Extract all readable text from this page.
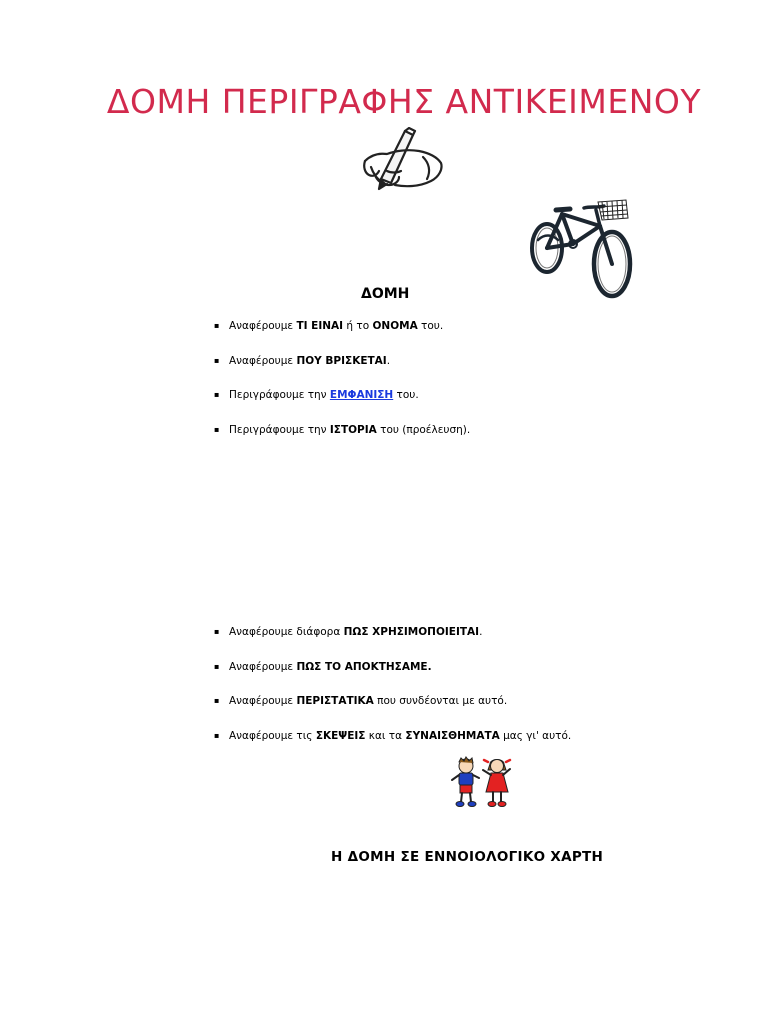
ΔΟΜΗ ΠΕΡΙΓΡΑΦΗΣ ΑΝΤΙΚΕΙΜΕΝΟΥ
ΔΟΜΗ
▪ Αναφέρουμε ΤΙ ΕΙΝΑΙ ή το ΟΝΟΜΑ του.
▪ Αναφέρουμε ΠΟΥ ΒΡΙΣΚΕΤΑΙ.
▪ Περιγράφουμε την ΕΜΦΑΝΙΣΗ του.
▪ Περιγράφουμε την ΙΣΤΟΡΙΑ του (προέλευση).
▪ Αναφέρουμε διάφορα ΠΩΣ ΧΡΗΣΙΜΟΠΟΙΕΙΤΑΙ.
▪ Αναφέρουμε ΠΩΣ ΤΟ ΑΠΟΚΤΗΣΑΜΕ.
▪ Αναφέρουμε ΠΕΡΙΣΤΑΤΙΚΑ που συνδέονται με αυτό.
▪ Αναφέρουμε τις ΣΚΕΨΕΙΣ και τα ΣΥΝΑΙΣΘΗΜΑΤΑ μας γι' αυτό.
Η ΔΟΜΗ ΣΕ ΕΝΝΟΙΟΛΟΓΙΚΟ ΧΑΡΤΗ
